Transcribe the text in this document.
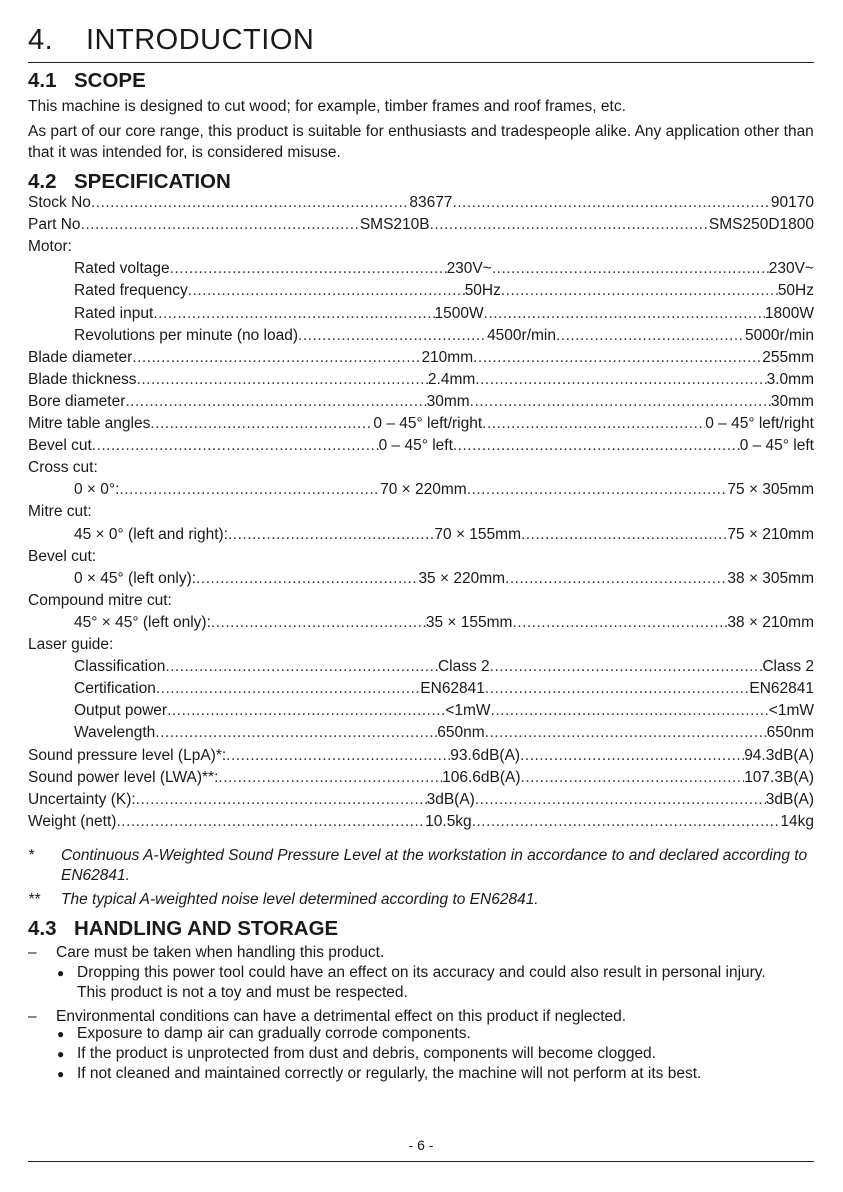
4. INTRODUCTION
4.1 SCOPE
This machine is designed to cut wood; for example, timber frames and roof frames, etc.
As part of our core range, this product is suitable for enthusiasts and tradespeople alike. Any application other than that it was intended for, is considered misuse.
4.2 SPECIFICATION
Stock No .....	83677 .....	90170
Part No .....	SMS210B .....	SMS250D1800
Motor:
Rated voltage .....	230V~ .....	230V~
Rated frequency .....	50Hz .....	50Hz
Rated input .....	1500W .....	1800W
Revolutions per minute (no load) .....	4500r/min .....	5000r/min
Blade diameter .....	210mm .....	255mm
Blade thickness .....	2.4mm .....	3.0mm
Bore diameter .....	30mm .....	30mm
Mitre table angles .....	0 – 45° left/right .....	0 – 45° left/right
Bevel cut .....	0 – 45° left .....	0 – 45° left
Cross cut:
0 × 0°: .....	70 × 220mm .....	75 × 305mm
Mitre cut:
45 × 0° (left and right): .....	70 × 155mm .....	75 × 210mm
Bevel cut:
0 × 45° (left only): .....	35 × 220mm .....	38 × 305mm
Compound mitre cut:
45° × 45° (left only): .....	35 × 155mm .....	38 × 210mm
Laser guide:
Classification .....	Class 2 .....	Class 2
Certification .....	EN62841 .....	EN62841
Output power .....	<1mW .....	<1mW
Wavelength .....	650nm .....	650nm
Sound pressure level (LpA)*: .....	93.6dB(A) .....	94.3dB(A)
Sound power level (LWA)**: .....	106.6dB(A) .....	107.3B(A)
Uncertainty (K): .....	3dB(A) .....	3dB(A)
Weight (nett) .....	10.5kg .....	14kg
* Continuous A-Weighted Sound Pressure Level at the workstation in accordance to and declared according to EN62841.
** The typical A-weighted noise level determined according to EN62841.
4.3 HANDLING AND STORAGE
– Care must be taken when handling this product.
● Dropping this power tool could have an effect on its accuracy and could also result in personal injury. This product is not a toy and must be respected.
– Environmental conditions can have a detrimental effect on this product if neglected.
● Exposure to damp air can gradually corrode components.
● If the product is unprotected from dust and debris, components will become clogged.
● If not cleaned and maintained correctly or regularly, the machine will not perform at its best.
- 6 -
